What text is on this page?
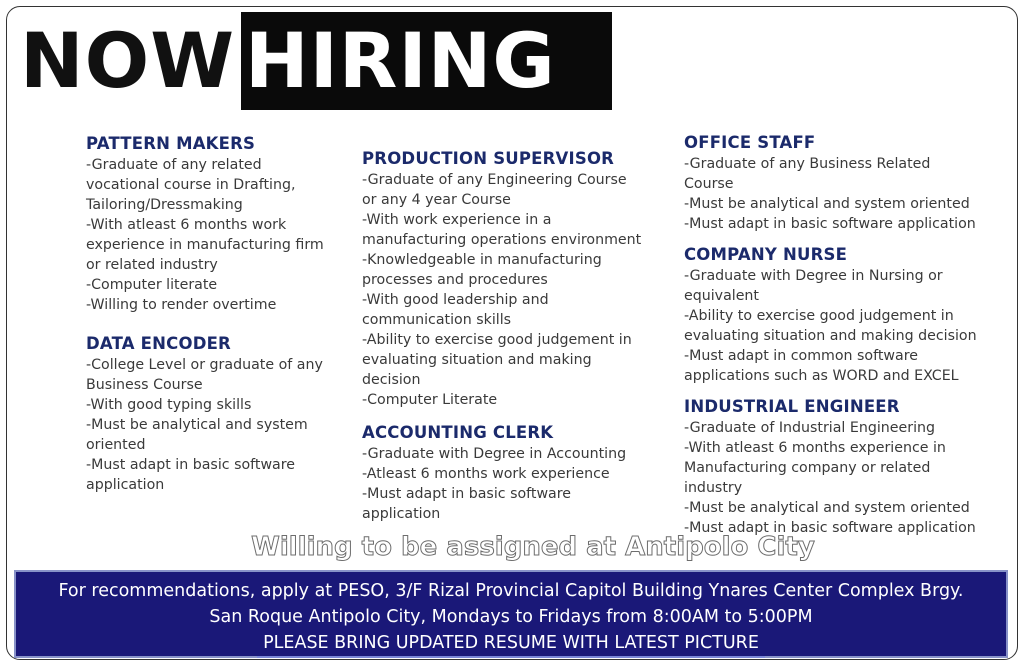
NOW HIRING
PATTERN MAKERS
-Graduate of any related vocational course in Drafting, Tailoring/Dressmaking
-With atleast 6 months work experience in manufacturing firm or related industry
-Computer literate
-Willing to render overtime
DATA ENCODER
-College Level or graduate of any Business Course
-With good typing skills
-Must be analytical and system oriented
-Must adapt in basic software application
PRODUCTION SUPERVISOR
-Graduate of any Engineering Course or any 4 year Course
-With work experience in a manufacturing operations environment
-Knowledgeable in manufacturing processes and procedures
-With good leadership and communication skills
-Ability to exercise good judgement in evaluating situation and making decision
-Computer Literate
ACCOUNTING CLERK
-Graduate with Degree in Accounting
-Atleast 6 months work experience
-Must adapt in basic software application
OFFICE STAFF
-Graduate of any Business Related Course
-Must be analytical and system oriented
-Must adapt in basic software application
COMPANY NURSE
-Graduate with Degree in Nursing or equivalent
-Ability to exercise good judgement in evaluating situation and making decision
-Must adapt in common software applications such as WORD and EXCEL
INDUSTRIAL ENGINEER
-Graduate of Industrial Engineering
-With atleast 6 months experience in Manufacturing company or related industry
-Must be analytical and system oriented
-Must adapt in basic software application
Willing to be assigned at Antipolo City
For recommendations, apply at PESO, 3/F Rizal Provincial Capitol Building Ynares Center Complex Brgy.
San Roque Antipolo City, Mondays to Fridays from 8:00AM to 5:00PM
PLEASE BRING UPDATED RESUME WITH LATEST PICTURE
